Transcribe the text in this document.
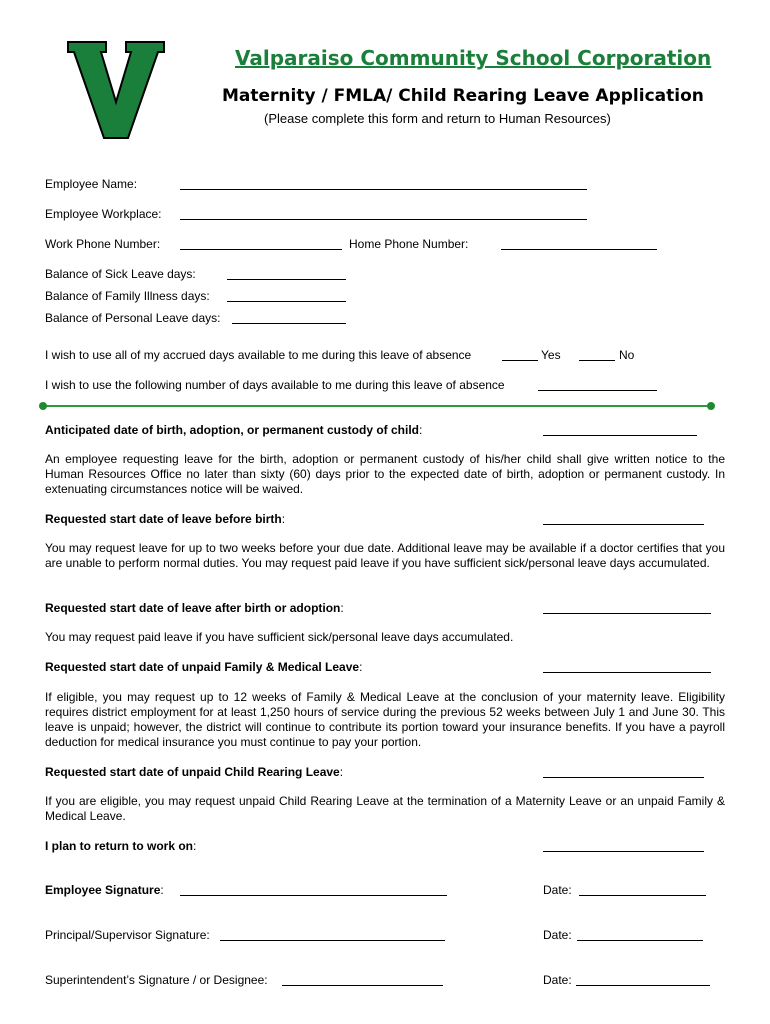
Valparaiso Community School Corporation
Maternity / FMLA/ Child Rearing Leave Application
(Please complete this form and return to Human Resources)
Employee Name:
Employee Workplace:
Work Phone Number:	Home Phone Number:
Balance of Sick Leave days:
Balance of Family Illness days:
Balance of Personal Leave days:
I wish to use all of my accrued days available to me during this leave of absence	Yes	No
I wish to use the following number of days available to me during this leave of absence
Anticipated date of birth, adoption, or permanent custody of child:
An employee requesting leave for the birth, adoption or permanent custody of his/her child shall give written notice to the Human Resources Office no later than sixty (60) days prior to the expected date of birth, adoption or permanent custody. In extenuating circumstances notice will be waived.
Requested start date of leave before birth:
You may request leave for up to two weeks before your due date. Additional leave may be available if a doctor certifies that you are unable to perform normal duties. You may request paid leave if you have sufficient sick/personal leave days accumulated.
Requested start date of leave after birth or adoption:
You may request paid leave if you have sufficient sick/personal leave days accumulated.
Requested start date of unpaid Family & Medical Leave:
If eligible, you may request up to 12 weeks of Family & Medical Leave at the conclusion of your maternity leave. Eligibility requires district employment for at least 1,250 hours of service during the previous 52 weeks between July 1 and June 30. This leave is unpaid; however, the district will continue to contribute its portion toward your insurance benefits. If you have a payroll deduction for medical insurance you must continue to pay your portion.
Requested start date of unpaid Child Rearing Leave:
If you are eligible, you may request unpaid Child Rearing Leave at the termination of a Maternity Leave or an unpaid Family & Medical Leave.
I plan to return to work on:
Employee Signature:	Date:
Principal/Supervisor Signature:	Date:
Superintendent’s Signature / or Designee:	Date:
